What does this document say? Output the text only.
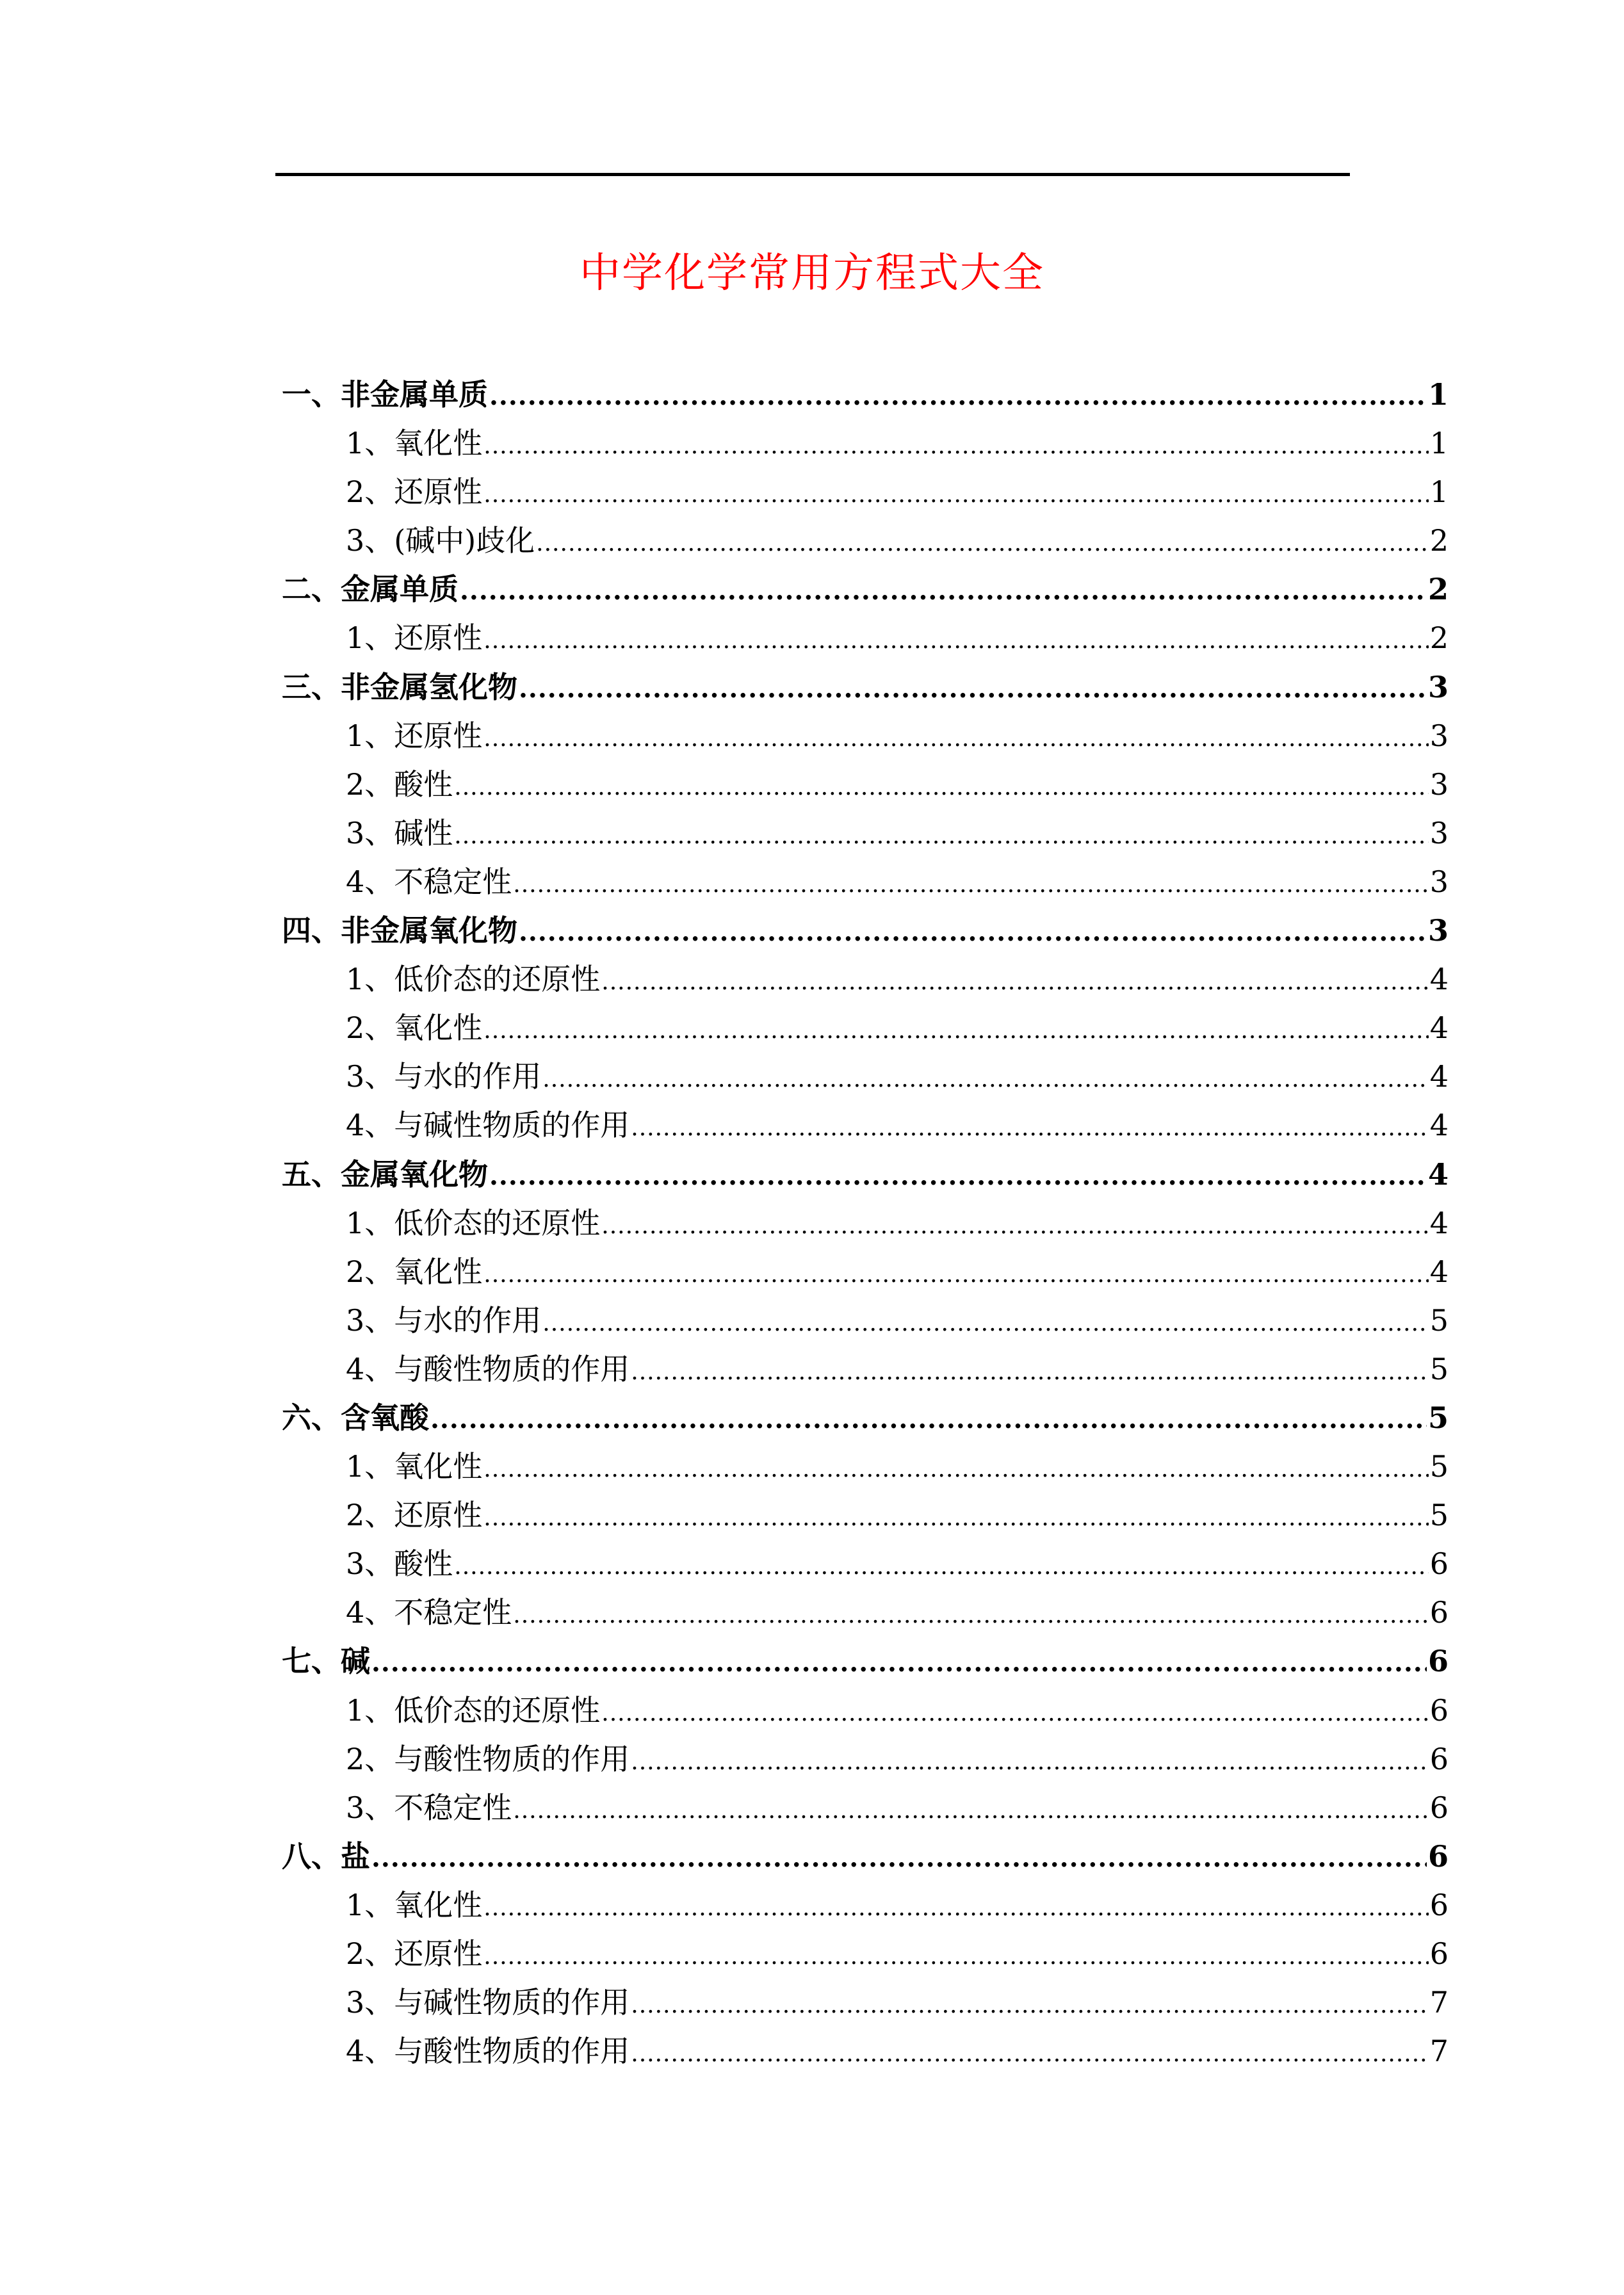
中学化学常用方程式大全
一、非金属单质 .....	1
1、氧化性 .....	1
2、还原性 .....	1
3、(碱中)歧化 .....	2
二、金属单质 .....	2
1、还原性 .....	2
三、非金属氢化物 .....	3
1、还原性 .....	3
2、酸性 .....	3
3、碱性 .....	3
4、不稳定性 .....	3
四、非金属氧化物 .....	3
1、低价态的还原性 .....	4
2、氧化性 .....	4
3、与水的作用 .....	4
4、与碱性物质的作用 .....	4
五、金属氧化物 .....	4
1、低价态的还原性 .....	4
2、氧化性 .....	4
3、与水的作用 .....	5
4、与酸性物质的作用 .....	5
六、含氧酸 .....	5
1、氧化性 .....	5
2、还原性 .....	5
3、酸性 .....	6
4、不稳定性 .....	6
七、碱 .....	6
1、低价态的还原性 .....	6
2、与酸性物质的作用 .....	6
3、不稳定性 .....	6
八、盐 .....	6
1、氧化性 .....	6
2、还原性 .....	6
3、与碱性物质的作用 .....	7
4、与酸性物质的作用 .....	7
